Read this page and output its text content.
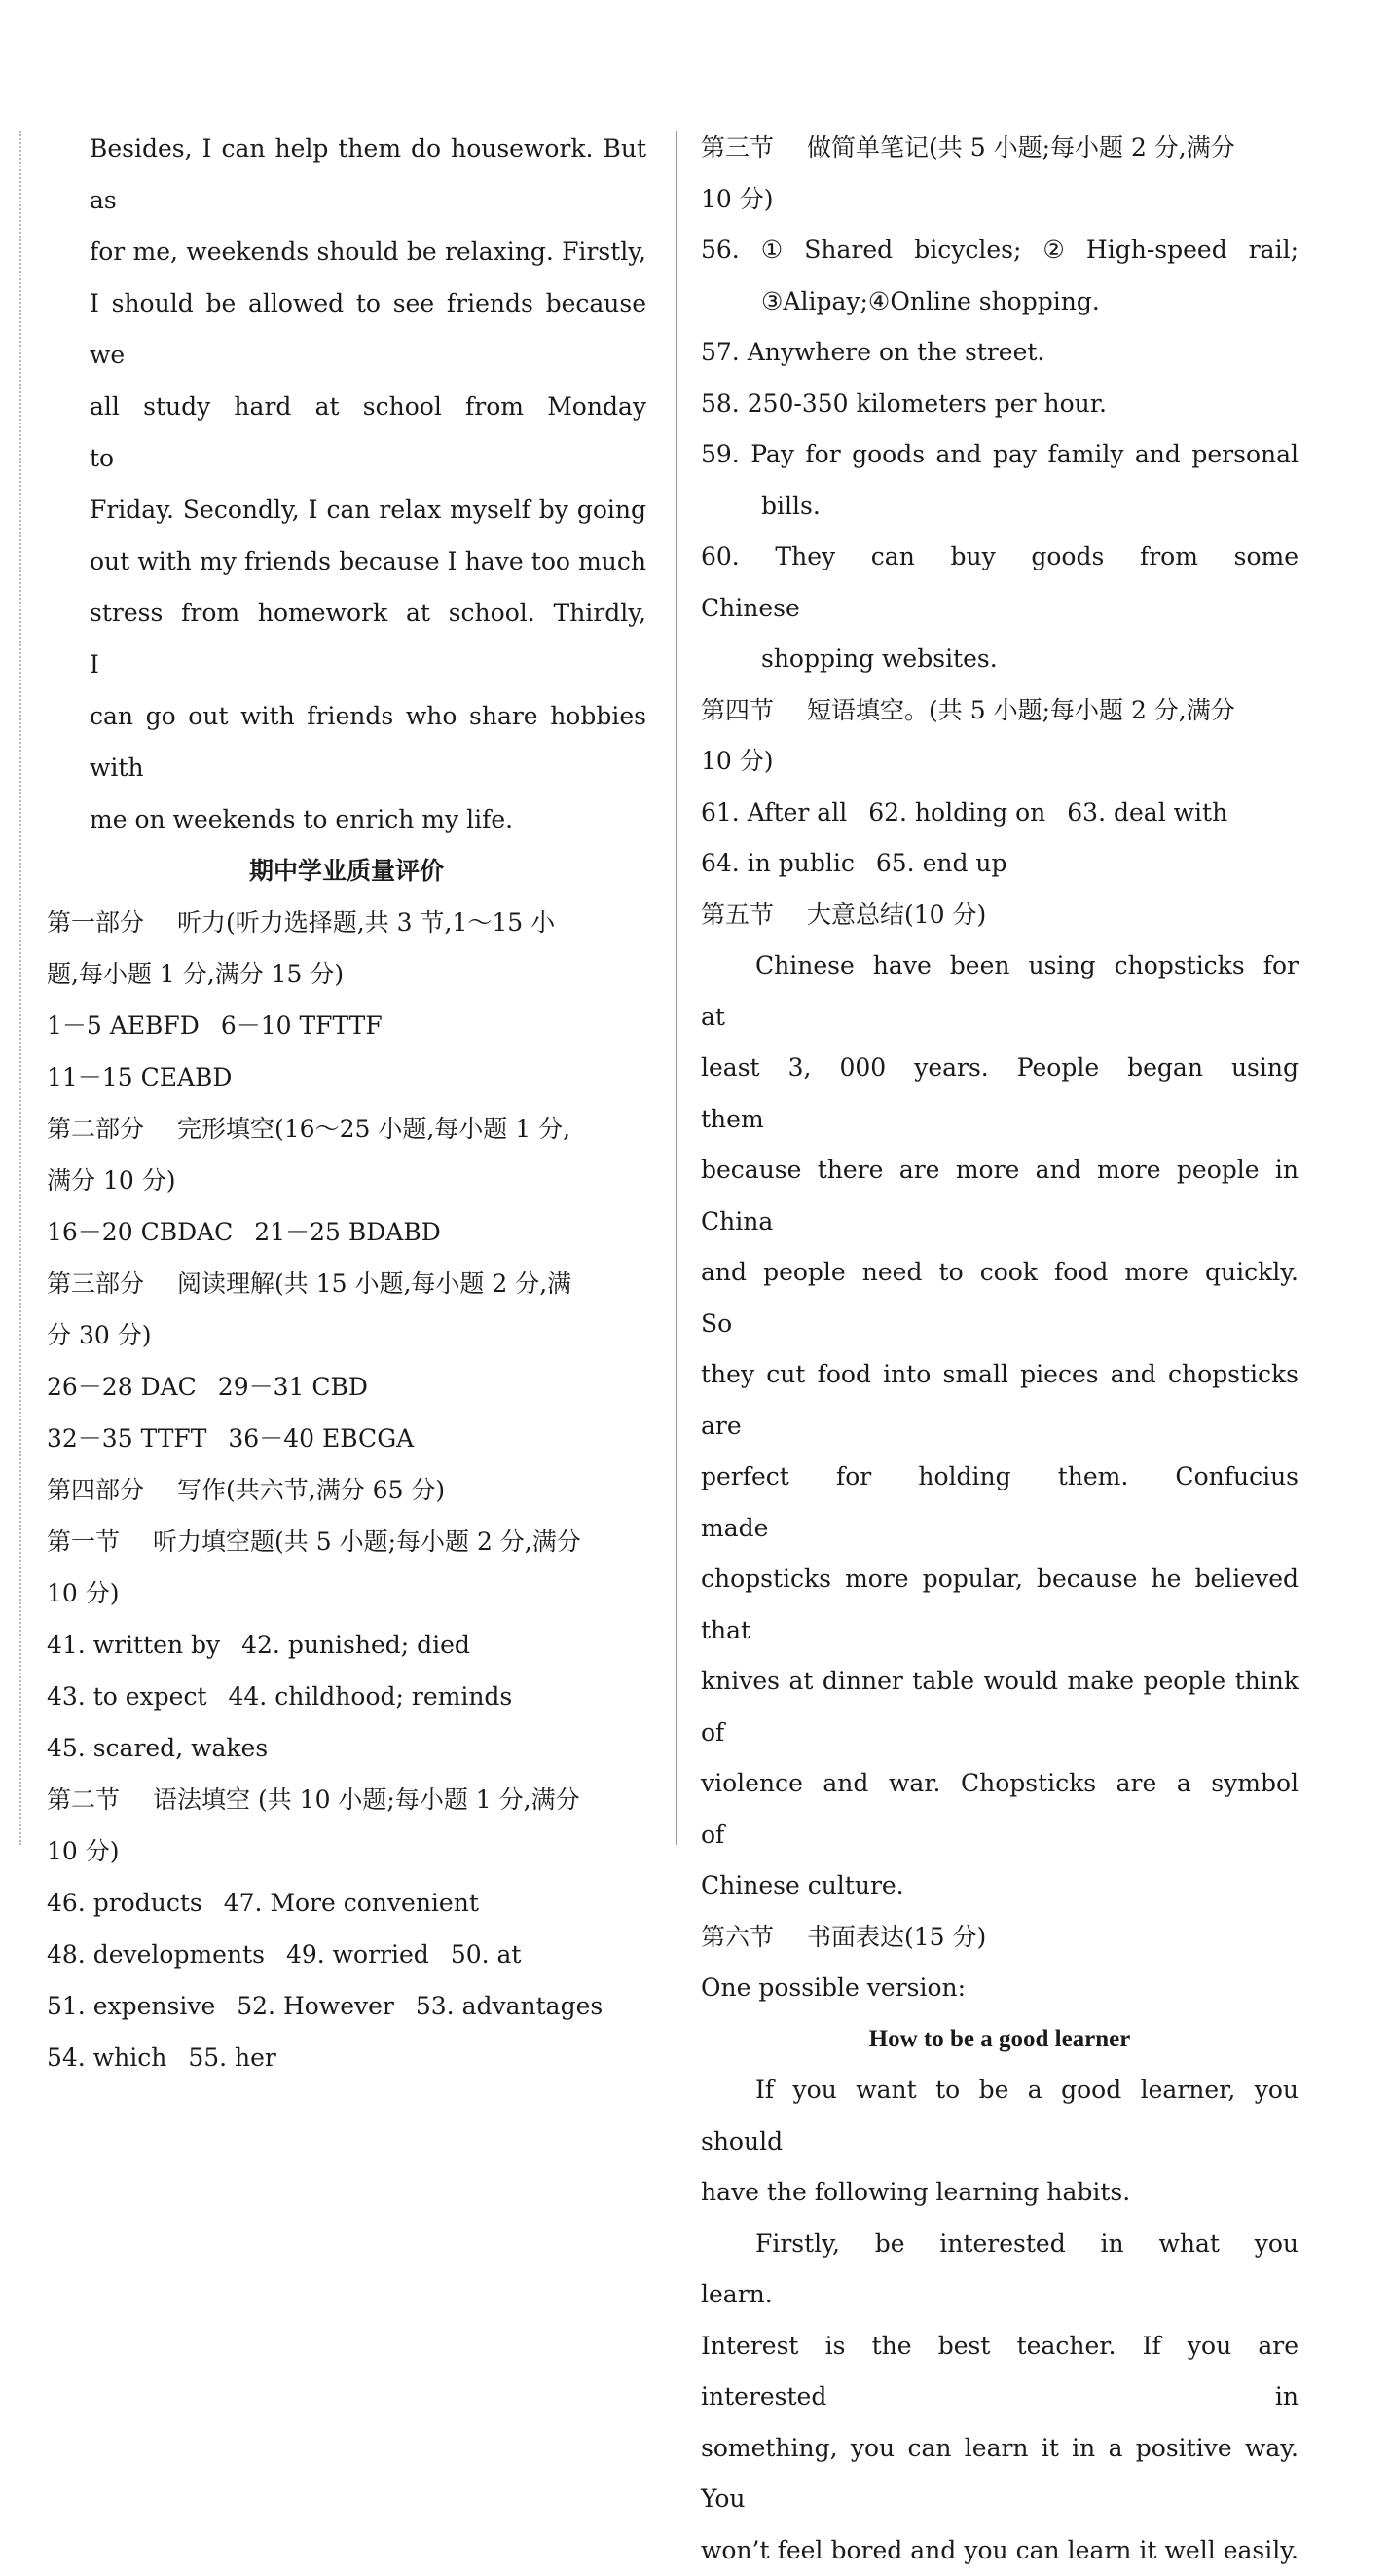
Besides, I can help them do housework. But as

for me, weekends should be relaxing. Firstly,

I should be allowed to see friends because we

all study hard at school from Monday to

Friday. Secondly, I can relax myself by going

out with my friends because I have too much

stress from homework at school. Thirdly, I

can go out with friends who share hobbies with

me on weekends to enrich my life.

期中学业质量评价

第一部分 听力(听力选择题,共 3 节,1～15 小

题,每小题 1 分,满分 15 分)

1－5 AEBFD 6－10 TFTTF

11－15 CEABD

第二部分 完形填空(16～25 小题,每小题 1 分,

满分 10 分)

16－20 CBDAC 21－25 BDABD

第三部分 阅读理解(共 15 小题,每小题 2 分,满

分 30 分)

26－28 DAC 29－31 CBD

32－35 TTFT 36－40 EBCGA

第四部分 写作(共六节,满分 65 分)

第一节 听力填空题(共 5 小题;每小题 2 分,满分

10 分)

41. written by 42. punished; died

43. to expect 44. childhood; reminds

45. scared, wakes

第二节 语法填空 (共 10 小题;每小题 1 分,满分

10 分)

46. products 47. More convenient

48. developments 49. worried 50. at

51. expensive 52. However 53. advantages

54. which 55. her

第三节 做简单笔记(共 5 小题;每小题 2 分,满分

10 分)

56. ① Shared bicycles; ② High-speed rail;

③Alipay;④Online shopping.

57. Anywhere on the street.

58. 250-350 kilometers per hour.

59. Pay for goods and pay family and personal

bills.

60. They can buy goods from some Chinese

shopping websites.

第四节 短语填空。(共 5 小题;每小题 2 分,满分

10 分)

61. After all 62. holding on 63. deal with

64. in public 65. end up

第五节 大意总结(10 分)

Chinese have been using chopsticks for at

least 3, 000 years. People began using them

because there are more and more people in China

and people need to cook food more quickly. So

they cut food into small pieces and chopsticks are

perfect for holding them. Confucius made

chopsticks more popular, because he believed that

knives at dinner table would make people think of

violence and war. Chopsticks are a symbol of

Chinese culture.

第六节 书面表达(15 分)

One possible version:

How to be a good learner

If you want to be a good learner, you should

have the following learning habits.

Firstly, be interested in what you learn.

Interest is the best teacher. If you are interested in

something, you can learn it in a positive way. You

won’t feel bored and you can learn it well easily.
